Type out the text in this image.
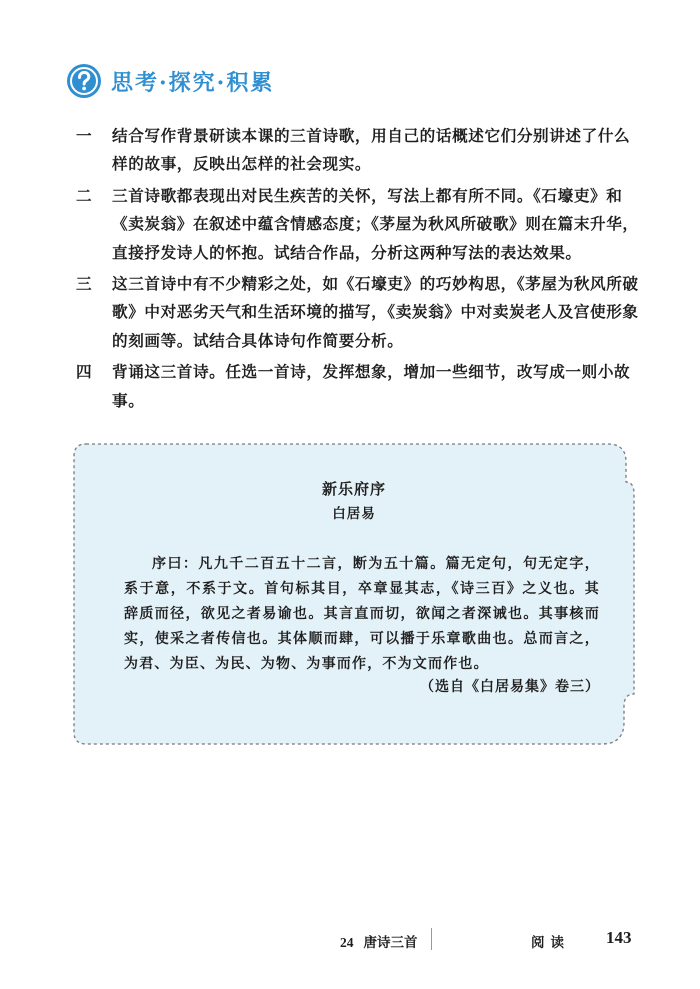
思考·探究·积累
一	结合写作背景研读本课的三首诗歌，用自己的话概述它们分别讲述了什么样的故事，反映出怎样的社会现实。
二	三首诗歌都表现出对民生疾苦的关怀，写法上都有所不同。《石壕吏》和《卖炭翁》在叙述中蕴含情感态度；《茅屋为秋风所破歌》则在篇末升华，直接抒发诗人的怀抱。试结合作品，分析这两种写法的表达效果。
三	这三首诗中有不少精彩之处，如《石壕吏》的巧妙构思，《茅屋为秋风所破歌》中对恶劣天气和生活环境的描写，《卖炭翁》中对卖炭老人及宫使形象的刻画等。试结合具体诗句作简要分析。
四	背诵这三首诗。任选一首诗，发挥想象，增加一些细节，改写成一则小故事。
新乐府序
白居易
序曰：凡九千二百五十二言，断为五十篇。篇无定句，句无定字，系于意，不系于文。首句标其目，卒章显其志，《诗三百》之义也。其辞质而径，欲见之者易谕也。其言直而切，欲闻之者深诫也。其事核而实，使采之者传信也。其体顺而肆，可以播于乐章歌曲也。总而言之，为君、为臣、为民、为物、为事而作，不为文而作也。
（选自《白居易集》卷三）
24 唐诗三首	阅读 143
